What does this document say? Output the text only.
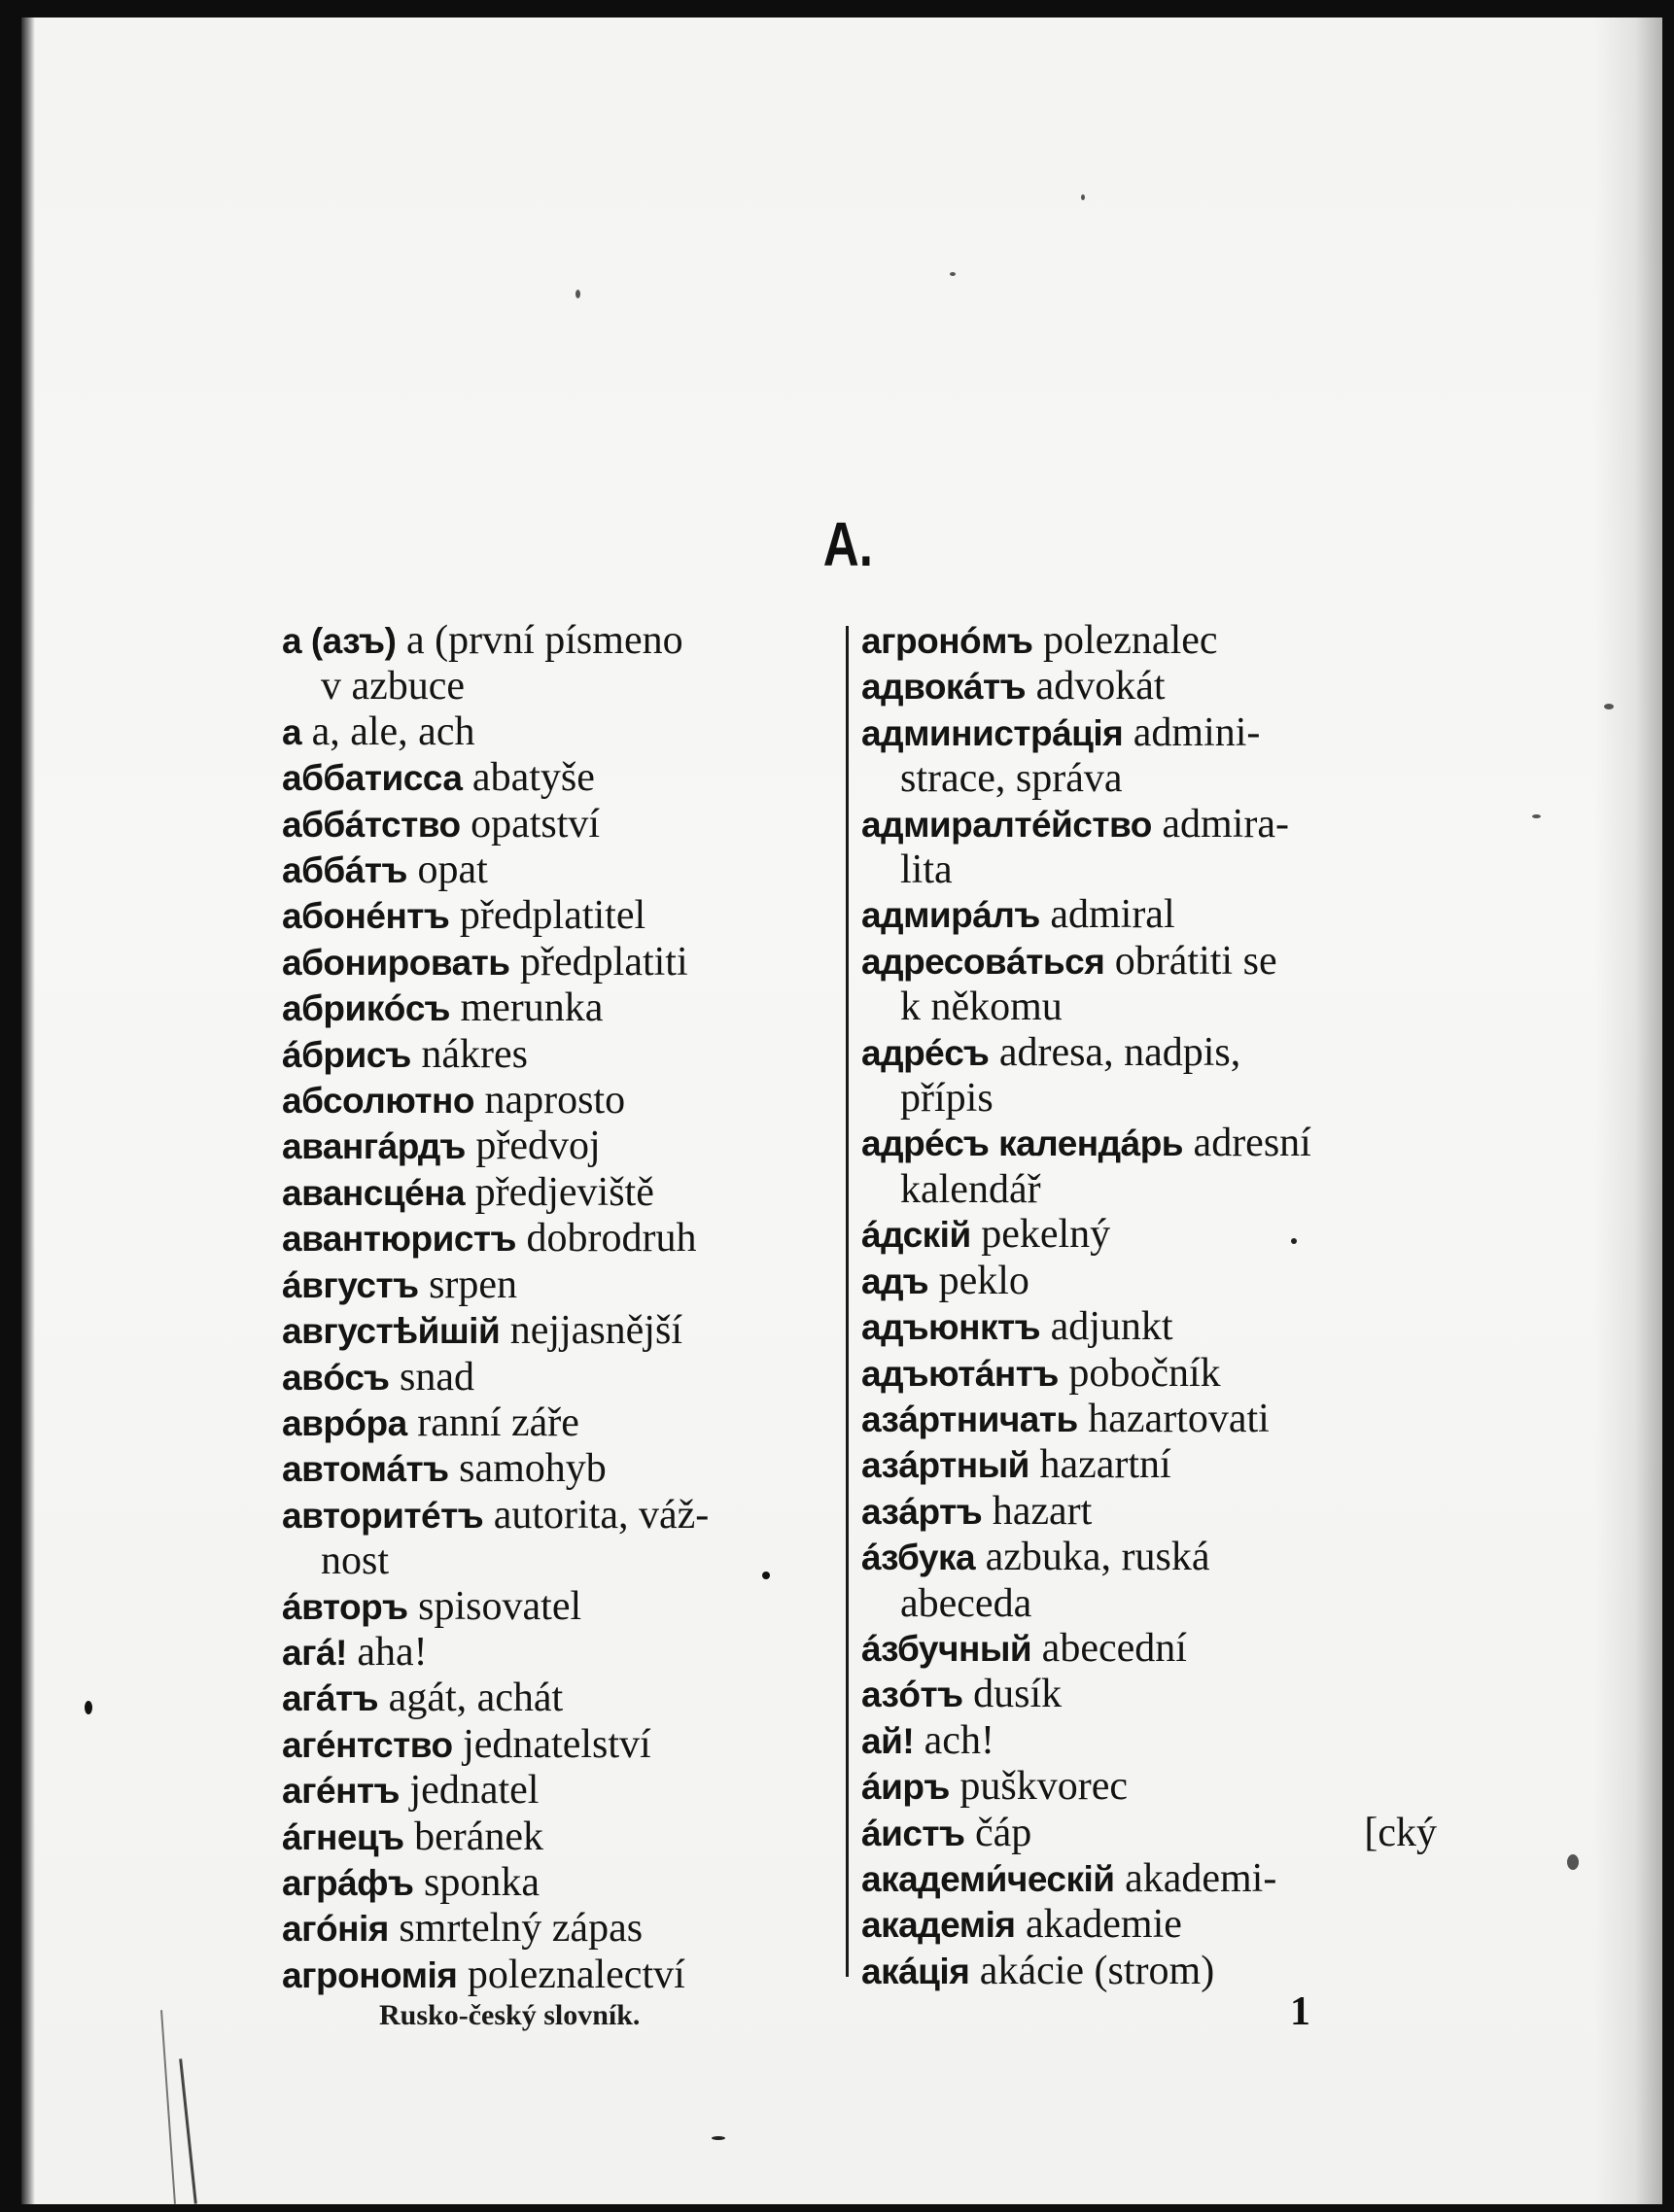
A.

а (азъ) a (první písmeno

v azbuce

а a, ale, ach

аббатисса abatyše

аббáтство opatství

аббáтъ opat

абонéнтъ předplatitel

абонировать předplatiti

абрикóсъ merunka

áбрисъ nákres

абсолютно naprosto

авангáрдъ předvoj

авансцéна předjeviště

авантюристъ dobrodruh

áвгустъ srpen

августѣйшій nejjasnější

авóсъ snad

аврóра ranní záře

автомáтъ samohyb

авторитéтъ autorita, váž-

nost

áвторъ spisovatel

агá! aha!

агáтъ agát, achát

агéнтство jednatelství

агéнтъ jednatel

áгнецъ beránek

агрáфъ sponka

агóнія smrtelný zápas

агрономія poleznalectví

агронóмъ poleznalec

адвокáтъ advokát

администрáція admini-

strace, správa

адмиралтéйство admira-

lita

адмирáлъ admiral

адресовáться obrátiti se

k někomu

адрéсъ adresa, nadpis,

přípis

адрéсъ календáрь adresní

kalendář

áдскій pekelný

адъ peklo

адъюнктъ adjunkt

адъютáнтъ pobočník

азáртничать hazartovati

азáртный hazartní

азáртъ hazart

áзбука azbuka, ruská

abeceda

áзбучный abecední

азóтъ dusík

ай! ach!

áиръ puškvorec

áистъ čáp	[cký

академи́ческій akademi-

академія akademie

акáція akácie (strom)

Rusko-český slovník.	1
